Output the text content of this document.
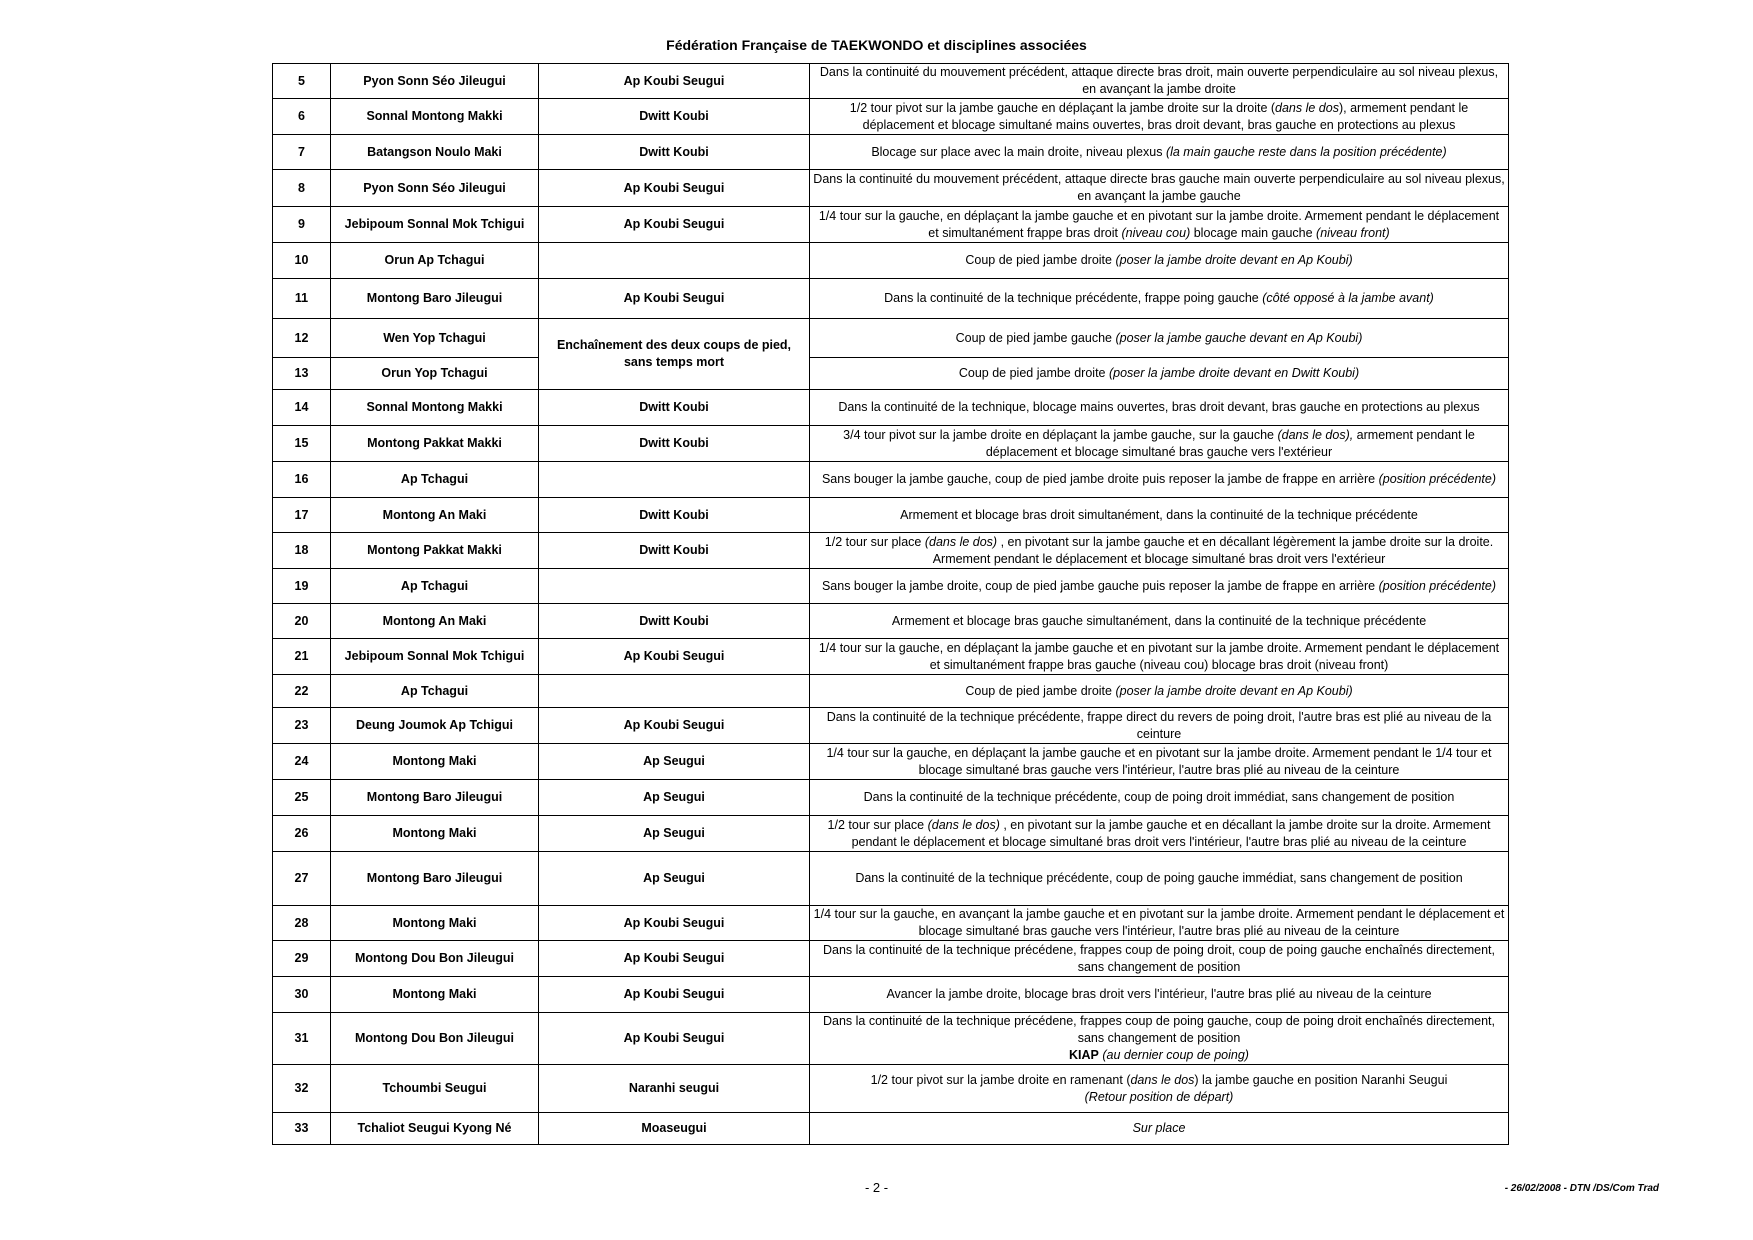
Fédération Française de TAEKWONDO et disciplines associées
5	Pyon Sonn Séo Jileugui	Ap Koubi Seugui	Dans la continuité du mouvement précédent, attaque directe bras droit, main ouverte perpendiculaire au sol niveau plexus, en avançant la jambe droite
6	Sonnal Montong Makki	Dwitt Koubi	1/2 tour pivot sur la jambe gauche en déplaçant la jambe droite sur la droite (dans le dos), armement pendant le déplacement et blocage simultané mains ouvertes, bras droit devant, bras gauche en protections au plexus
7	Batangson Noulo Maki	Dwitt Koubi	Blocage sur place avec la main droite, niveau plexus (la main gauche reste dans la position précédente)
8	Pyon Sonn Séo Jileugui	Ap Koubi Seugui	Dans la continuité du mouvement précédent, attaque directe bras gauche main ouverte perpendiculaire au sol niveau plexus, en avançant la jambe gauche
9	Jebipoum Sonnal Mok Tchigui	Ap Koubi Seugui	1/4 tour sur la gauche, en déplaçant la jambe gauche et en pivotant sur la jambe droite. Armement pendant le déplacement et simultanément frappe bras droit (niveau cou) blocage main gauche (niveau front)
10	Orun Ap Tchagui		Coup de pied jambe droite (poser la jambe droite devant en Ap Koubi)
11	Montong Baro Jileugui	Ap Koubi Seugui	Dans la continuité de la technique précédente, frappe poing gauche (côté opposé à la jambe avant)
12	Wen Yop Tchagui	Enchaînement des deux coups de pied, sans temps mort	Coup de pied jambe gauche (poser la jambe gauche devant en Ap Koubi)
13	Orun Yop Tchagui		Coup de pied jambe droite (poser la jambe droite devant en Dwitt Koubi)
14	Sonnal Montong Makki	Dwitt Koubi	Dans la continuité de la technique, blocage mains ouvertes, bras droit devant, bras gauche en protections au plexus
15	Montong Pakkat Makki	Dwitt Koubi	3/4 tour pivot sur la jambe droite en déplaçant la jambe gauche, sur la gauche (dans le dos), armement pendant le déplacement et blocage simultané bras gauche vers l'extérieur
16	Ap Tchagui		Sans bouger la jambe gauche, coup de pied jambe droite puis reposer la jambe de frappe en arrière (position précédente)
17	Montong An Maki	Dwitt Koubi	Armement et blocage bras droit simultanément, dans la continuité de la technique précédente
18	Montong Pakkat Makki	Dwitt Koubi	1/2 tour sur place (dans le dos) , en pivotant sur la jambe gauche et en décallant légèrement la jambe droite sur la droite. Armement pendant le déplacement et blocage simultané bras droit vers l'extérieur
19	Ap Tchagui		Sans bouger la jambe droite, coup de pied jambe gauche puis reposer la jambe de frappe en arrière (position précédente)
20	Montong An Maki	Dwitt Koubi	Armement et blocage bras gauche simultanément, dans la continuité de la technique précédente
21	Jebipoum Sonnal Mok Tchigui	Ap Koubi Seugui	1/4 tour sur la gauche, en déplaçant la jambe gauche et en pivotant sur la jambe droite. Armement pendant le déplacement et simultanément frappe bras gauche (niveau cou) blocage bras droit (niveau front)
22	Ap Tchagui		Coup de pied jambe droite (poser la jambe droite devant en Ap Koubi)
23	Deung Joumok Ap Tchigui	Ap Koubi Seugui	Dans la continuité de la technique précédente, frappe direct du revers de poing droit, l'autre bras est plié au niveau de la ceinture
24	Montong Maki	Ap Seugui	1/4 tour sur la gauche, en déplaçant la jambe gauche et en pivotant sur la jambe droite. Armement pendant le 1/4 tour et blocage simultané bras gauche vers l'intérieur, l'autre bras plié au niveau de la ceinture
25	Montong Baro Jileugui	Ap Seugui	Dans la continuité de la technique précédente, coup de poing droit immédiat, sans changement de position
26	Montong Maki	Ap Seugui	1/2 tour sur place (dans le dos) , en pivotant sur la jambe gauche et en décallant la jambe droite sur la droite. Armement pendant le déplacement et blocage simultané bras droit vers l'intérieur, l'autre bras plié au niveau de la ceinture
27	Montong Baro Jileugui	Ap Seugui	Dans la continuité de la technique précédente, coup de poing gauche immédiat, sans changement de position
28	Montong Maki	Ap Koubi Seugui	1/4 tour sur la gauche, en avançant la jambe gauche et en pivotant sur la jambe droite. Armement pendant le déplacement et blocage simultané bras gauche vers l'intérieur, l'autre bras plié au niveau de la ceinture
29	Montong Dou Bon Jileugui	Ap Koubi Seugui	Dans la continuité de la technique précédene, frappes coup de poing droit, coup de poing gauche enchaînés directement, sans changement de position
30	Montong Maki	Ap Koubi Seugui	Avancer la jambe droite, blocage bras droit vers l'intérieur, l'autre bras plié au niveau de la ceinture
31	Montong Dou Bon Jileugui	Ap Koubi Seugui	Dans la continuité de la technique précédene, frappes coup de poing gauche, coup de poing droit enchaînés directement, sans changement de position
KIAP (au dernier coup de poing)
32	Tchoumbi Seugui	Naranhi seugui	1/2 tour pivot sur la jambe droite en ramenant (dans le dos) la jambe gauche en position Naranhi Seugui
(Retour position de départ)
33	Tchaliot Seugui Kyong Né	Moaseugui	Sur place
- 2 -	- 26/02/2008 - DTN /DS/Com Trad
